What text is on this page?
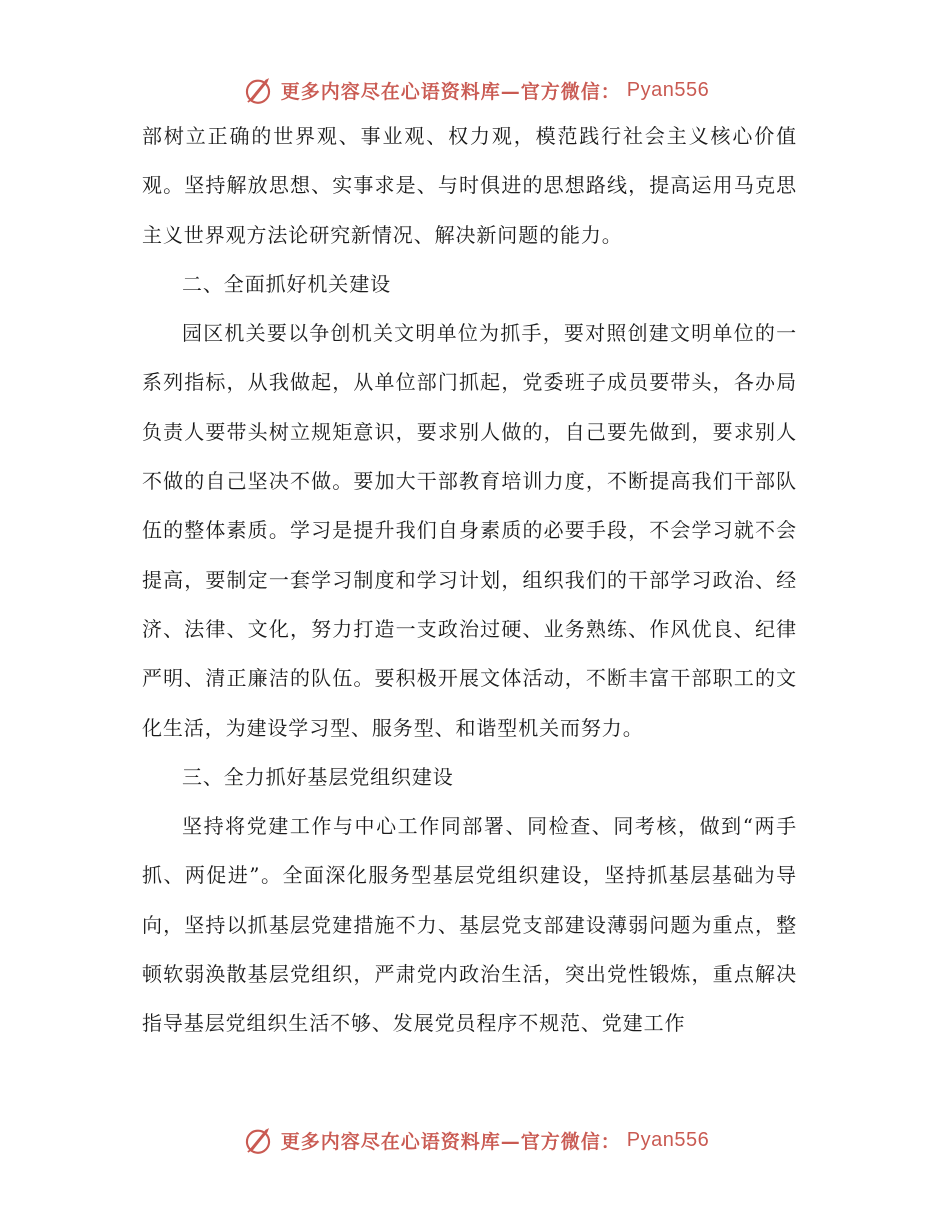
更多内容尽在心语资料库—官方微信： Pyan556

部树立正确的世界观、事业观、权力观，模范践行社会主义核心价值观。坚持解放思想、实事求是、与时俱进的思想路线，提高运用马克思主义世界观方法论研究新情况、解决新问题的能力。

二、全面抓好机关建设

园区机关要以争创机关文明单位为抓手，要对照创建文明单位的一系列指标，从我做起，从单位部门抓起，党委班子成员要带头，各办局负责人要带头树立规矩意识，要求别人做的，自己要先做到，要求别人不做的自己坚决不做。要加大干部教育培训力度，不断提高我们干部队伍的整体素质。学习是提升我们自身素质的必要手段，不会学习就不会提高，要制定一套学习制度和学习计划，组织我们的干部学习政治、经济、法律、文化，努力打造一支政治过硬、业务熟练、作风优良、纪律严明、清正廉洁的队伍。要积极开展文体活动，不断丰富干部职工的文化生活，为建设学习型、服务型、和谐型机关而努力。

三、全力抓好基层党组织建设

坚持将党建工作与中心工作同部署、同检查、同考核，做到“两手抓、两促进”。全面深化服务型基层党组织建设，坚持抓基层基础为导向，坚持以抓基层党建措施不力、基层党支部建设薄弱问题为重点，整顿软弱涣散基层党组织，严肃党内政治生活，突出党性锻炼，重点解决指导基层党组织生活不够、发展党员程序不规范、党建工作

更多内容尽在心语资料库—官方微信： Pyan556
